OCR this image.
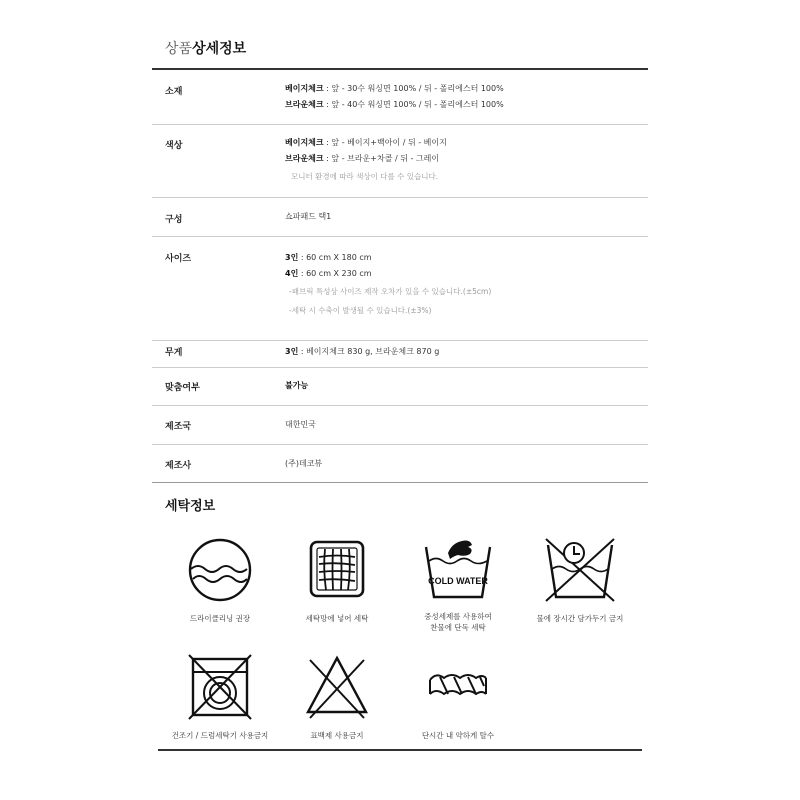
상품상세정보
소재	베이지체크 : 앞 - 30수 워싱면 100% / 뒤 - 폴리에스터 100%
브라운체크 : 앞 - 40수 워싱면 100% / 뒤 - 폴리에스터 100%
색상	베이지체크 : 앞 - 베이지+백아이 / 뒤 - 베이지
브라운체크 : 앞 - 브라운+차콜 / 뒤 - 그레이
모니터 환경에 따라 색상이 다를 수 있습니다.
구성	쇼파패드 택1
사이즈	3인 : 60 cm X 180 cm
4인 : 60 cm X 230 cm
-패브릭 특성상 사이즈 제작 오차가 있을 수 있습니다.(±5cm)
-세탁 시 수축이 발생될 수 있습니다.(±3%)
무게	3인 : 베이지체크 830 g, 브라운체크 870 g
맞춤여부	불가능
제조국	대한민국
제조사	(주)데코뷰
세탁정보
드라이클리닝 권장	세탁망에 넣어 세탁
COLD WATER
중성세제를 사용하여
찬물에 단독 세탁
물에 장시간 담가두기 금지
건조기 / 드럼세탁기 사용금지	표백제 사용금지	단시간 내 약하게 탈수
